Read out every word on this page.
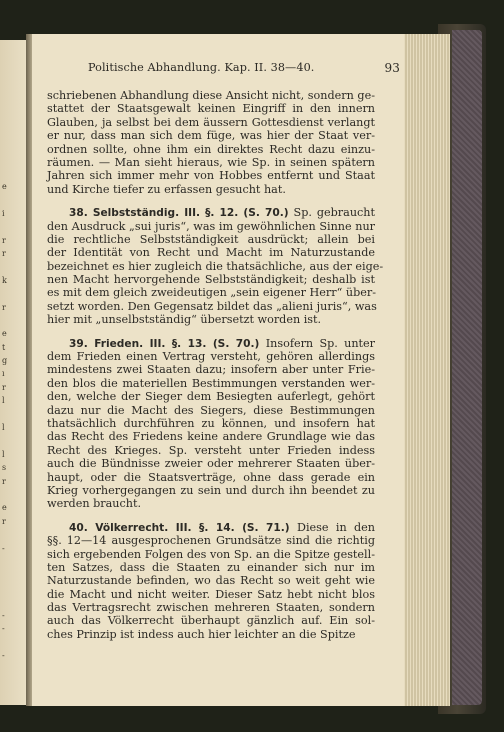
e
i
r
r
k
r
e
t
g
ı
r
l
l
l
s
r
e
r
-
-
-
-
Politische Abhandlung. Kap. II. 38—40.	93
schriebenen Abhandlung diese Ansicht nicht, sondern ge-
stattet der Staatsgewalt keinen Eingriff in den innern
Glauben, ja selbst bei dem äussern Gottesdienst verlangt
er nur, dass man sich dem füge, was hier der Staat ver-
ordnen sollte, ohne ihm ein direktes Recht dazu einzu-
räumen. — Man sieht hieraus, wie Sp. in seinen spätern
Jahren sich immer mehr von Hobbes entfernt und Staat
und Kirche tiefer zu erfassen gesucht hat.
38. Selbstständig. III. §. 12. (S. 70.) Sp. gebraucht
den Ausdruck „sui juris“, was im gewöhnlichen Sinne nur
die rechtliche Selbstständigkeit ausdrückt; allein bei
der Identität von Recht und Macht im Naturzustande
bezeichnet es hier zugleich die thatsächliche, aus der eige-
nen Macht hervorgehende Selbstständigkeit; deshalb ist
es mit dem gleich zweideutigen „sein eigener Herr“ über-
setzt worden. Den Gegensatz bildet das „alieni juris“, was
hier mit „unselbstständig“ übersetzt worden ist.
39. Frieden. III. §. 13. (S. 70.) Insofern Sp. unter
dem Frieden einen Vertrag versteht, gehören allerdings
mindestens zwei Staaten dazu; insofern aber unter Frie-
den blos die materiellen Bestimmungen verstanden wer-
den, welche der Sieger dem Besiegten auferlegt, gehört
dazu nur die Macht des Siegers, diese Bestimmungen
thatsächlich durchführen zu können, und insofern hat
das Recht des Friedens keine andere Grundlage wie das
Recht des Krieges. Sp. versteht unter Frieden indess
auch die Bündnisse zweier oder mehrerer Staaten über-
haupt, oder die Staatsverträge, ohne dass gerade ein
Krieg vorhergegangen zu sein und durch ihn beendet zu
werden braucht.
40. Völkerrecht. III. §. 14. (S. 71.) Diese in den
§§. 12—14 ausgesprochenen Grundsätze sind die richtig
sich ergebenden Folgen des von Sp. an die Spitze gestell-
ten Satzes, dass die Staaten zu einander sich nur im
Naturzustande befinden, wo das Recht so weit geht wie
die Macht und nicht weiter. Dieser Satz hebt nicht blos
das Vertragsrecht zwischen mehreren Staaten, sondern
auch das Völkerrecht überhaupt gänzlich auf. Ein sol-
ches Prinzip ist indess auch hier leichter an die Spitze
